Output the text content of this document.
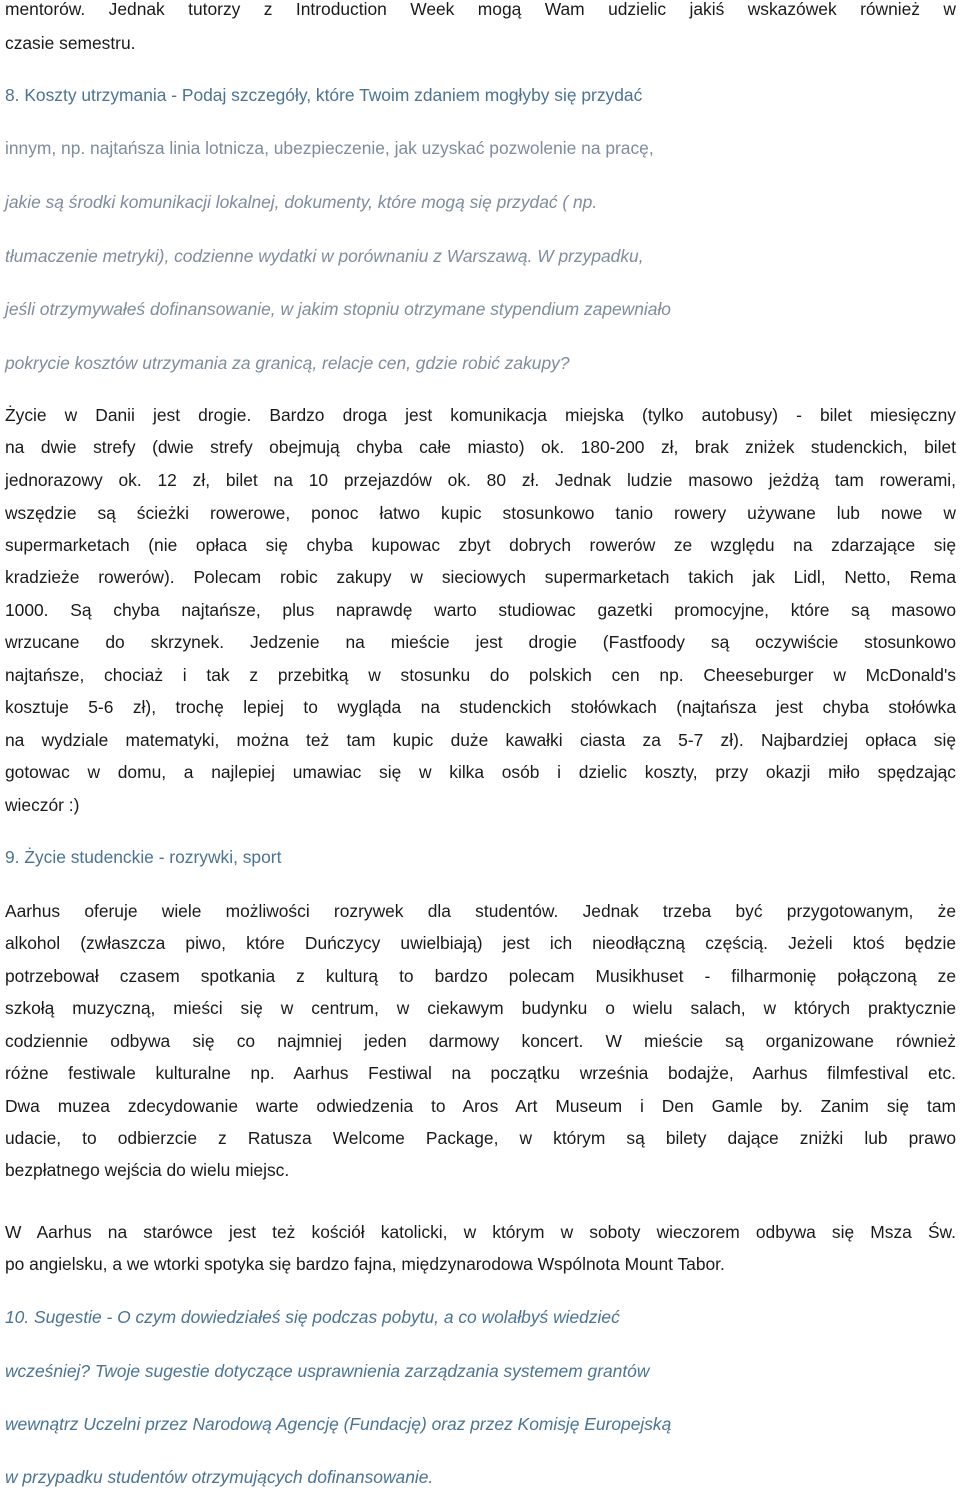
mentorów. Jednak tutorzy z Introduction Week mogą Wam udzielic jakiś wskazówek również w

czasie semestru.

8. Koszty utrzymania - Podaj szczegóły, które Twoim zdaniem mogłyby się przydać

innym, np. najtańsza linia lotnicza, ubezpieczenie, jak uzyskać pozwolenie na pracę,

jakie są środki komunikacji lokalnej, dokumenty, które mogą się przydać ( np.

tłumaczenie metryki), codzienne wydatki w porównaniu z Warszawą. W przypadku,

jeśli otrzymywałeś dofinansowanie, w jakim stopniu otrzymane stypendium zapewniało

pokrycie kosztów utrzymania za granicą, relacje cen, gdzie robić zakupy?

Życie w Danii jest drogie. Bardzo droga jest komunikacja miejska (tylko autobusy) - bilet miesięczny

na dwie strefy (dwie strefy obejmują chyba całe miasto) ok. 180-200 zł, brak zniżek studenckich, bilet

jednorazowy ok. 12 zł, bilet na 10 przejazdów ok. 80 zł. Jednak ludzie masowo jeżdżą tam rowerami,

wszędzie są ścieżki rowerowe, ponoc łatwo kupic stosunkowo tanio rowery używane lub nowe w

supermarketach (nie opłaca się chyba kupowac zbyt dobrych rowerów ze względu na zdarzające się

kradzieże rowerów). Polecam robic zakupy w sieciowych supermarketach takich jak Lidl, Netto, Rema

1000. Są chyba najtańsze, plus naprawdę warto studiowac gazetki promocyjne, które są masowo

wrzucane do skrzynek. Jedzenie na mieście jest drogie (Fastfoody są oczywiście stosunkowo

najtańsze, chociaż i tak z przebitką w stosunku do polskich cen np. Cheeseburger w McDonald's

kosztuje 5-6 zł), trochę lepiej to wygląda na studenckich stołówkach (najtańsza jest chyba stołówka

na wydziale matematyki, można też tam kupic duże kawałki ciasta za 5-7 zł). Najbardziej opłaca się

gotowac w domu, a najlepiej umawiac się w kilka osób i dzielic koszty, przy okazji miło spędzając

wieczór :)

9. Życie studenckie - rozrywki, sport

Aarhus oferuje wiele możliwości rozrywek dla studentów. Jednak trzeba być przygotowanym, że

alkohol (zwłaszcza piwo, które Duńczycy uwielbiają) jest ich nieodłączną częścią. Jeżeli ktoś będzie

potrzebował czasem spotkania z kulturą to bardzo polecam Musikhuset - filharmonię połączoną ze

szkołą muzyczną, mieści się w centrum, w ciekawym budynku o wielu salach, w których praktycznie

codziennie odbywa się co najmniej jeden darmowy koncert. W mieście są organizowane również

różne festiwale kulturalne np. Aarhus Festiwal na początku września bodajże, Aarhus filmfestival etc.

Dwa muzea zdecydowanie warte odwiedzenia to Aros Art Museum i Den Gamle by. Zanim się tam

udacie, to odbierzcie z Ratusza Welcome Package, w którym są bilety dające zniżki lub prawo

bezpłatnego wejścia do wielu miejsc.

W Aarhus na starówce jest też kościół katolicki, w którym w soboty wieczorem odbywa się Msza Św.

po angielsku, a we wtorki spotyka się bardzo fajna, międzynarodowa Wspólnota Mount Tabor.

10. Sugestie - O czym dowiedziałeś się podczas pobytu, a co wolałbyś wiedzieć

wcześniej? Twoje sugestie dotyczące usprawnienia zarządzania systemem grantów

wewnątrz Uczelni przez Narodową Agencję (Fundację) oraz przez Komisję Europejską

w przypadku studentów otrzymujących dofinansowanie.
